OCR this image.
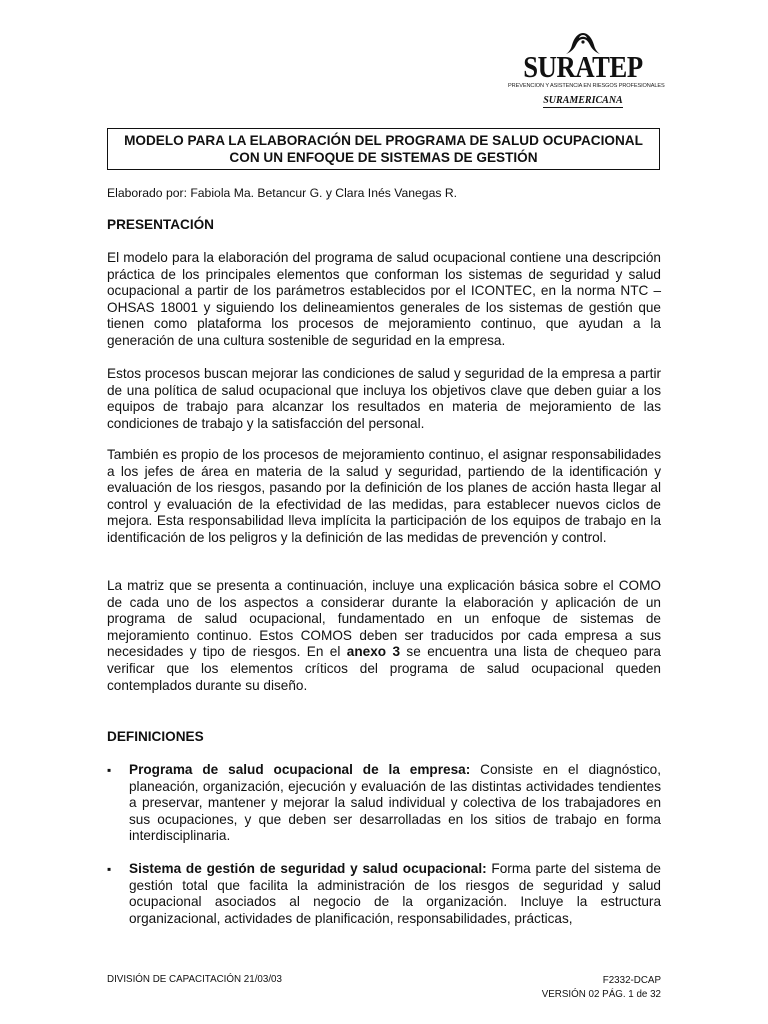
SURATEP
PREVENCION Y ASISTENCIA EN RIESGOS PROFESIONALES
SURAMERICANA
MODELO PARA LA ELABORACIÓN DEL PROGRAMA DE SALUD OCUPACIONAL
CON UN ENFOQUE DE SISTEMAS DE GESTIÓN
Elaborado por: Fabiola Ma. Betancur G. y Clara Inés Vanegas R.
PRESENTACIÓN

El modelo para la elaboración del programa de salud ocupacional contiene una descripción práctica de los principales elementos que conforman los sistemas de seguridad y salud ocupacional a partir de los parámetros establecidos por el ICONTEC, en la norma NTC – OHSAS 18001 y siguiendo los delineamientos generales de los sistemas de gestión que tienen como plataforma los procesos de mejoramiento continuo, que ayudan a la generación de una cultura sostenible de seguridad en la empresa.

Estos procesos buscan mejorar las condiciones de salud y seguridad de la empresa a partir de una política de salud ocupacional que incluya los objetivos clave que deben guiar a los equipos de trabajo para alcanzar los resultados en materia de mejoramiento de las condiciones de trabajo y la satisfacción del personal.

También es propio de los procesos de mejoramiento continuo, el asignar responsabilidades a los jefes de área en materia de la salud y seguridad, partiendo de la identificación y evaluación de los riesgos, pasando por la definición de los planes de acción hasta llegar al control y evaluación de la efectividad de las medidas, para establecer nuevos ciclos de mejora. Esta responsabilidad lleva implícita la participación de los equipos de trabajo en la identificación de los peligros y la definición de las medidas de prevención y control.

La matriz que se presenta a continuación, incluye una explicación básica sobre el COMO de cada uno de los aspectos a considerar durante la elaboración y aplicación de un programa de salud ocupacional, fundamentado en un enfoque de sistemas de mejoramiento continuo. Estos COMOS deben ser traducidos por cada empresa a sus necesidades y tipo de riesgos. En el anexo 3 se encuentra una lista de chequeo para verificar que los elementos críticos del programa de salud ocupacional queden contemplados durante su diseño.

DEFINICIONES
▪ Programa de salud ocupacional de la empresa: Consiste en el diagnóstico, planeación, organización, ejecución y evaluación de las distintas actividades tendientes a preservar, mantener y mejorar la salud individual y colectiva de los trabajadores en sus ocupaciones, y que deben ser desarrolladas en los sitios de trabajo en forma interdisciplinaria.
▪ Sistema de gestión de seguridad y salud ocupacional: Forma parte del sistema de gestión total que facilita la administración de los riesgos de seguridad y salud ocupacional asociados al negocio de la organización. Incluye la estructura organizacional, actividades de planificación, responsabilidades, prácticas,
DIVISIÓN DE CAPACITACIÓN 21/03/03	F2332-DCAP
VERSIÓN 02 PÁG. 1 de 32
